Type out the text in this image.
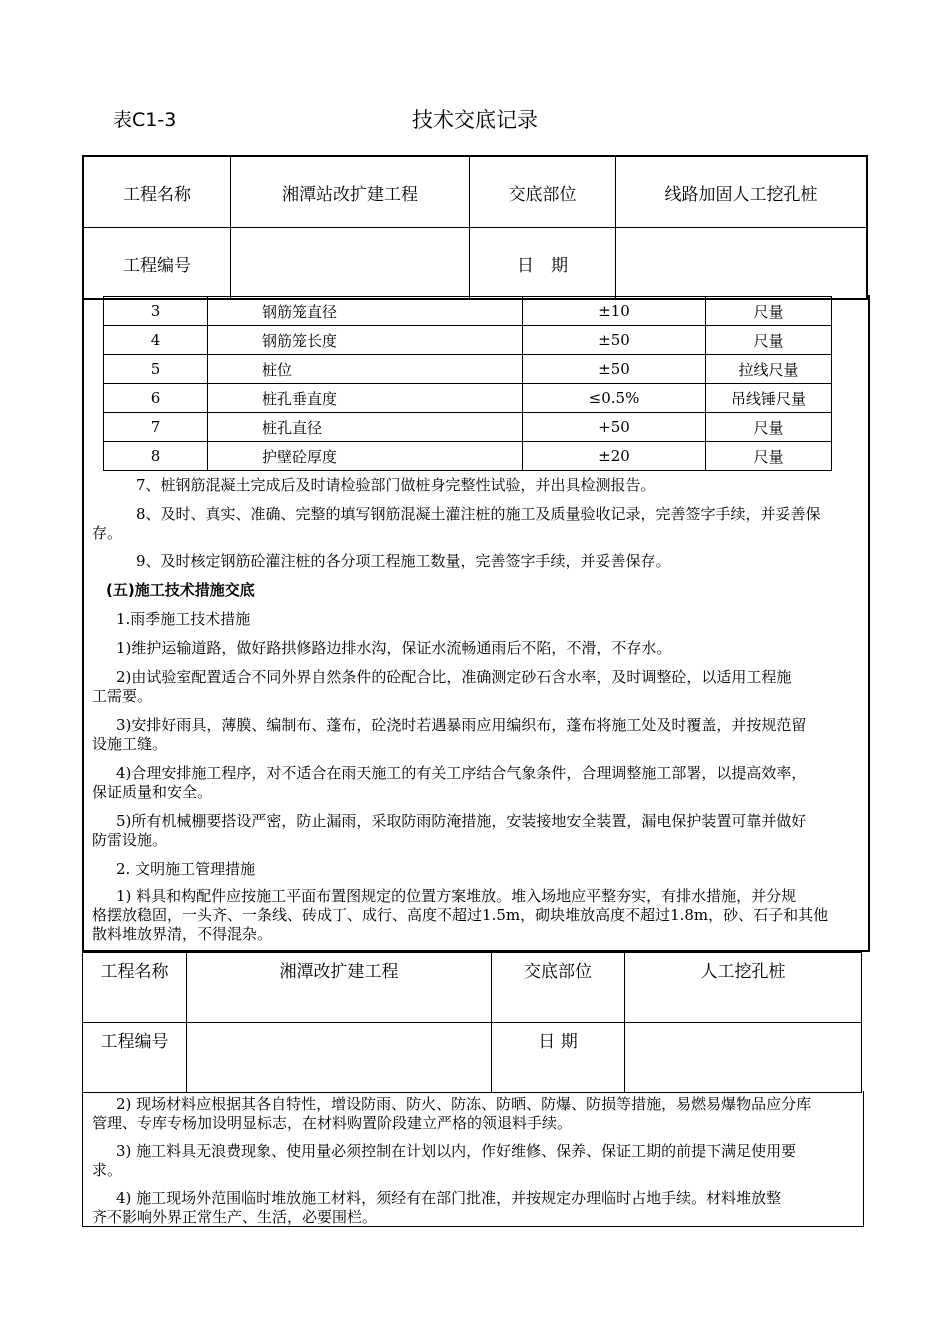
表C1-3	技术交底记录
工程名称	湘潭站改扩建工程	交底部位	线路加固人工挖孔桩
工程编号		日　期	
3	钢筋笼直径	±10	尺量
4	钢筋笼长度	±50	尺量
5	桩位	±50	拉线尺量
6	桩孔垂直度	≤0.5%	吊线锤尺量
7	桩孔直径	+50	尺量
8	护壁砼厚度	±20	尺量
7、桩钢筋混凝土完成后及时请检验部门做桩身完整性试验，并出具检测报告。
8、及时、真实、准确、完整的填写钢筋混凝土灌注桩的施工及质量验收记录，完善签字手续，并妥善保
存。
9、及时核定钢筋砼灌注桩的各分项工程施工数量，完善签字手续，并妥善保存。
(五)施工技术措施交底
1.雨季施工技术措施
1)维护运输道路，做好路拱修路边排水沟，保证水流畅通雨后不陷，不滑，不存水。
2)由试验室配置适合不同外界自然条件的砼配合比，准确测定砂石含水率，及时调整砼，以适用工程施
工需要。
3)安排好雨具，薄膜、编制布、蓬布，砼浇时若遇暴雨应用编织布，蓬布将施工处及时覆盖，并按规范留
设施工缝。
4)合理安排施工程序，对不适合在雨天施工的有关工序结合气象条件，合理调整施工部署，以提高效率，
保证质量和安全。
5)所有机械棚要搭设严密，防止漏雨，采取防雨防淹措施，安装接地安全装置，漏电保护装置可靠并做好
防雷设施。
2. 文明施工管理措施
1) 料具和构配件应按施工平面布置图规定的位置方案堆放。堆入场地应平整夯实，有排水措施，并分规
格摆放稳固，一头齐、一条线、砖成丁、成行、高度不超过1.5m，砌块堆放高度不超过1.8m，砂、石子和其他
散料堆放界清，不得混杂。
工程名称	湘潭改扩建工程	交底部位	人工挖孔桩
工程编号		日 期	
2) 现场材料应根据其各自特性，增设防雨、防火、防冻、防晒、防爆、防损等措施，易燃易爆物品应分库
管理、专库专杨加设明显标志，在材料购置阶段建立严格的领退料手续。
3) 施工料具无浪费现象、使用量必须控制在计划以内，作好维修、保养、保证工期的前提下满足使用要
求。
4) 施工现场外范围临时堆放施工材料，须经有在部门批准，并按规定办理临时占地手续。材料堆放整
齐不影响外界正常生产、生活，必要围栏。
